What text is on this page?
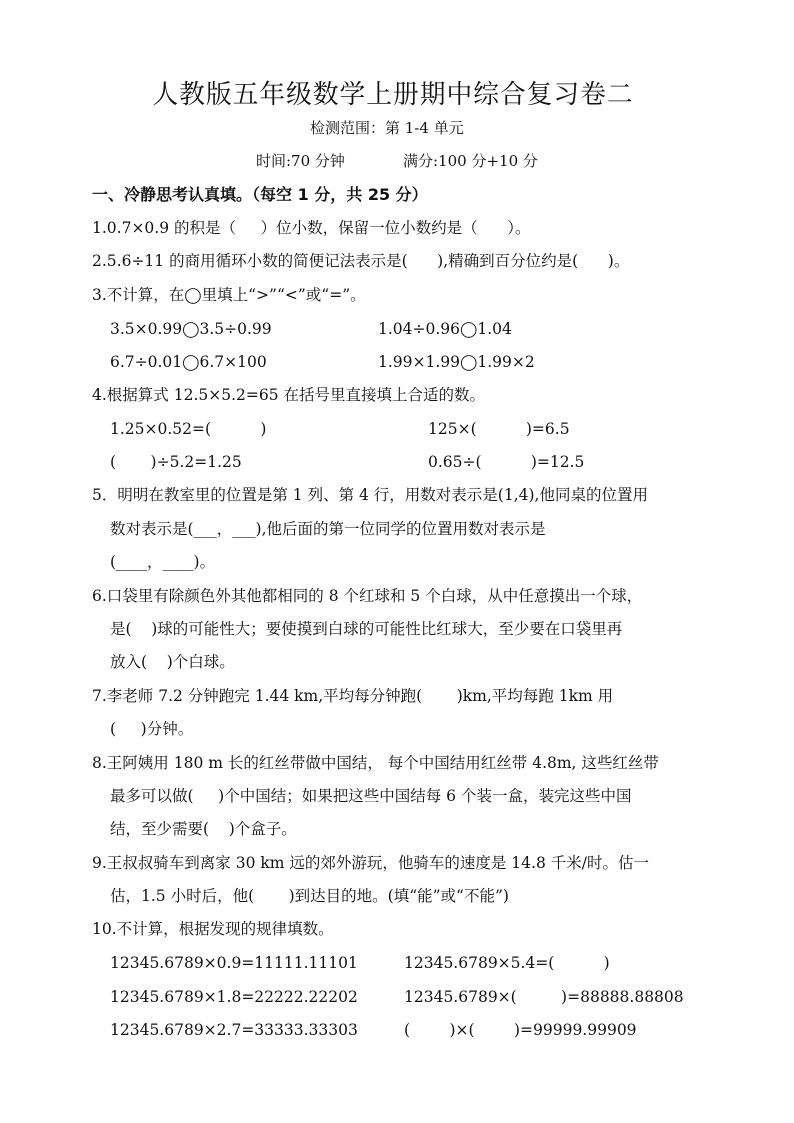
人教版五年级数学上册期中综合复习卷二
检测范围：第 1-4 单元
时间:70 分钟	满分:100 分+10 分
一、冷静思考认真填。（每空 1 分，共 25 分）
1.0.7×0.9 的积是（     ）位小数，保留一位小数约是（      ）。
2.5.6÷11 的商用循环小数的简便记法表示是(      ),精确到百分位约是(      )。
3.不计算，在◯里填上“>”“<”或“=”。
3.5×0.99◯3.5÷0.99	1.04÷0.96◯1.04
6.7÷0.01◯6.7×100	1.99×1.99◯1.99×2
4.根据算式 12.5×5.2=65 在括号里直接填上合适的数。
1.25×0.52=(          )	125×(          )=6.5
(       )÷5.2=1.25	0.65÷(          )=12.5
5．明明在教室里的位置是第 1 列、第 4 行，用数对表示是(1,4),他同桌的位置用
数对表示是(___，___),他后面的第一位同学的位置用数对表示是
(____，____)。
6.口袋里有除颜色外其他都相同的 8 个红球和 5 个白球，从中任意摸出一个球，
是(    )球的可能性大；要使摸到白球的可能性比红球大，至少要在口袋里再
放入(    )个白球。
7.李老师 7.2 分钟跑完 1.44 km,平均每分钟跑(       )km,平均每跑 1km 用
(     )分钟。
8.王阿姨用 180 m 长的红丝带做中国结， 每个中国结用红丝带 4.8m, 这些红丝带
最多可以做(     )个中国结；如果把这些中国结每 6 个装一盒，装完这些中国
结，至少需要(    )个盒子。
9.王叔叔骑车到离家 30 km 远的郊外游玩，他骑车的速度是 14.8 千米/时。估一
估，1.5 小时后，他(       )到达目的地。(填“能”或“不能”)
10.不计算，根据发现的规律填数。
12345.6789×0.9=11111.11101	12345.6789×5.4=(          )
12345.6789×1.8=22222.22202	12345.6789×(         )=88888.88808
12345.6789×2.7=33333.33303	(        )×(        )=99999.99909
